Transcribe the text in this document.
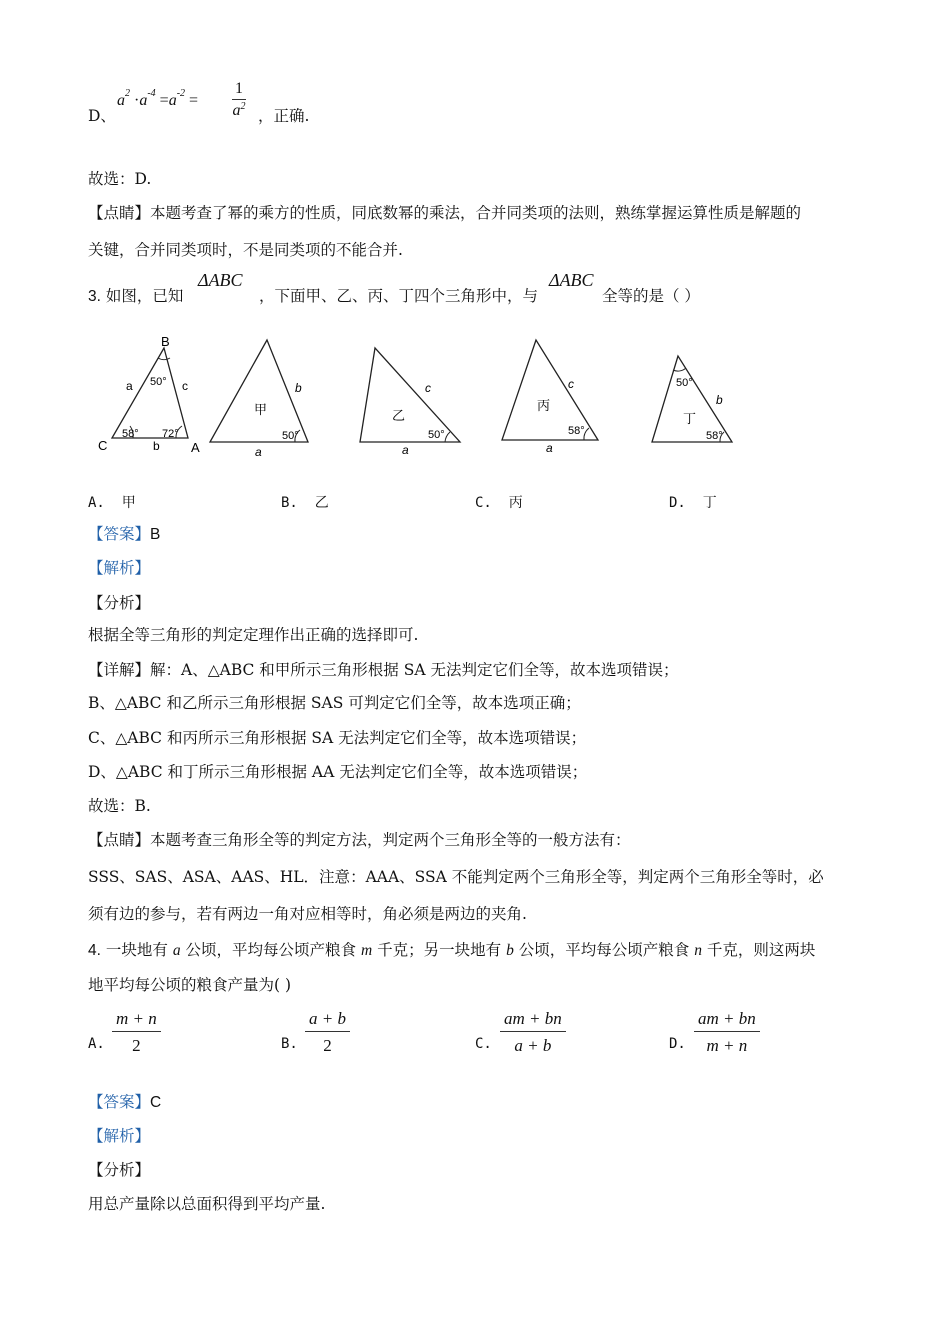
D、
$a^2 \cdot a^{-4} =a^{-2}$ =
1
$a^2$
，正确.
故选：D.
【点睛】本题考查了幂的乘方的性质，同底数幂的乘法，合并同类项的法则，熟练掌握运算性质是解题的
关键，合并同类项时，不是同类项的不能合并.
3. 如图，已知
ΔABC
，下面甲、乙、丙、丁四个三角形中，与
ΔABC
全等的是（ ）
B
C	A
a	c
b
50°
58° 72°
甲
b
a
50°
乙
c
a
50°
丙
c
a
58°
50°
丁
b
58°
A. 甲	B. 乙	C. 丙	D. 丁
【答案】B
【解析】
【分析】
根据全等三角形的判定定理作出正确的选择即可.
【详解】解：A、△ABC 和甲所示三角形根据 SA 无法判定它们全等，故本选项错误；
B、△ABC 和乙所示三角形根据 SAS 可判定它们全等，故本选项正确；
C、△ABC 和丙所示三角形根据 SA 无法判定它们全等，故本选项错误；
D、△ABC 和丁所示三角形根据 AA 无法判定它们全等，故本选项错误；
故选：B.
【点睛】本题考查三角形全等的判定方法，判定两个三角形全等的一般方法有：
SSS、SAS、ASA、AAS、HL．注意：AAA、SSA 不能判定两个三角形全等，判定两个三角形全等时，必
须有边的参与，若有两边一角对应相等时，角必须是两边的夹角.
4. 一块地有 a 公顷，平均每公顷产粮食 m 千克；另一块地有 b 公顷，平均每公顷产粮食 n 千克，则这两块
地平均每公顷的粮食产量为( )
A. $\frac{m + n}{2}$	B. $\frac{a + b}{2}$	C. $\frac{am + bn}{a + b}$	D. $\frac{am + bn}{m + n}$
【答案】C
【解析】
【分析】
用总产量除以总面积得到平均产量.
